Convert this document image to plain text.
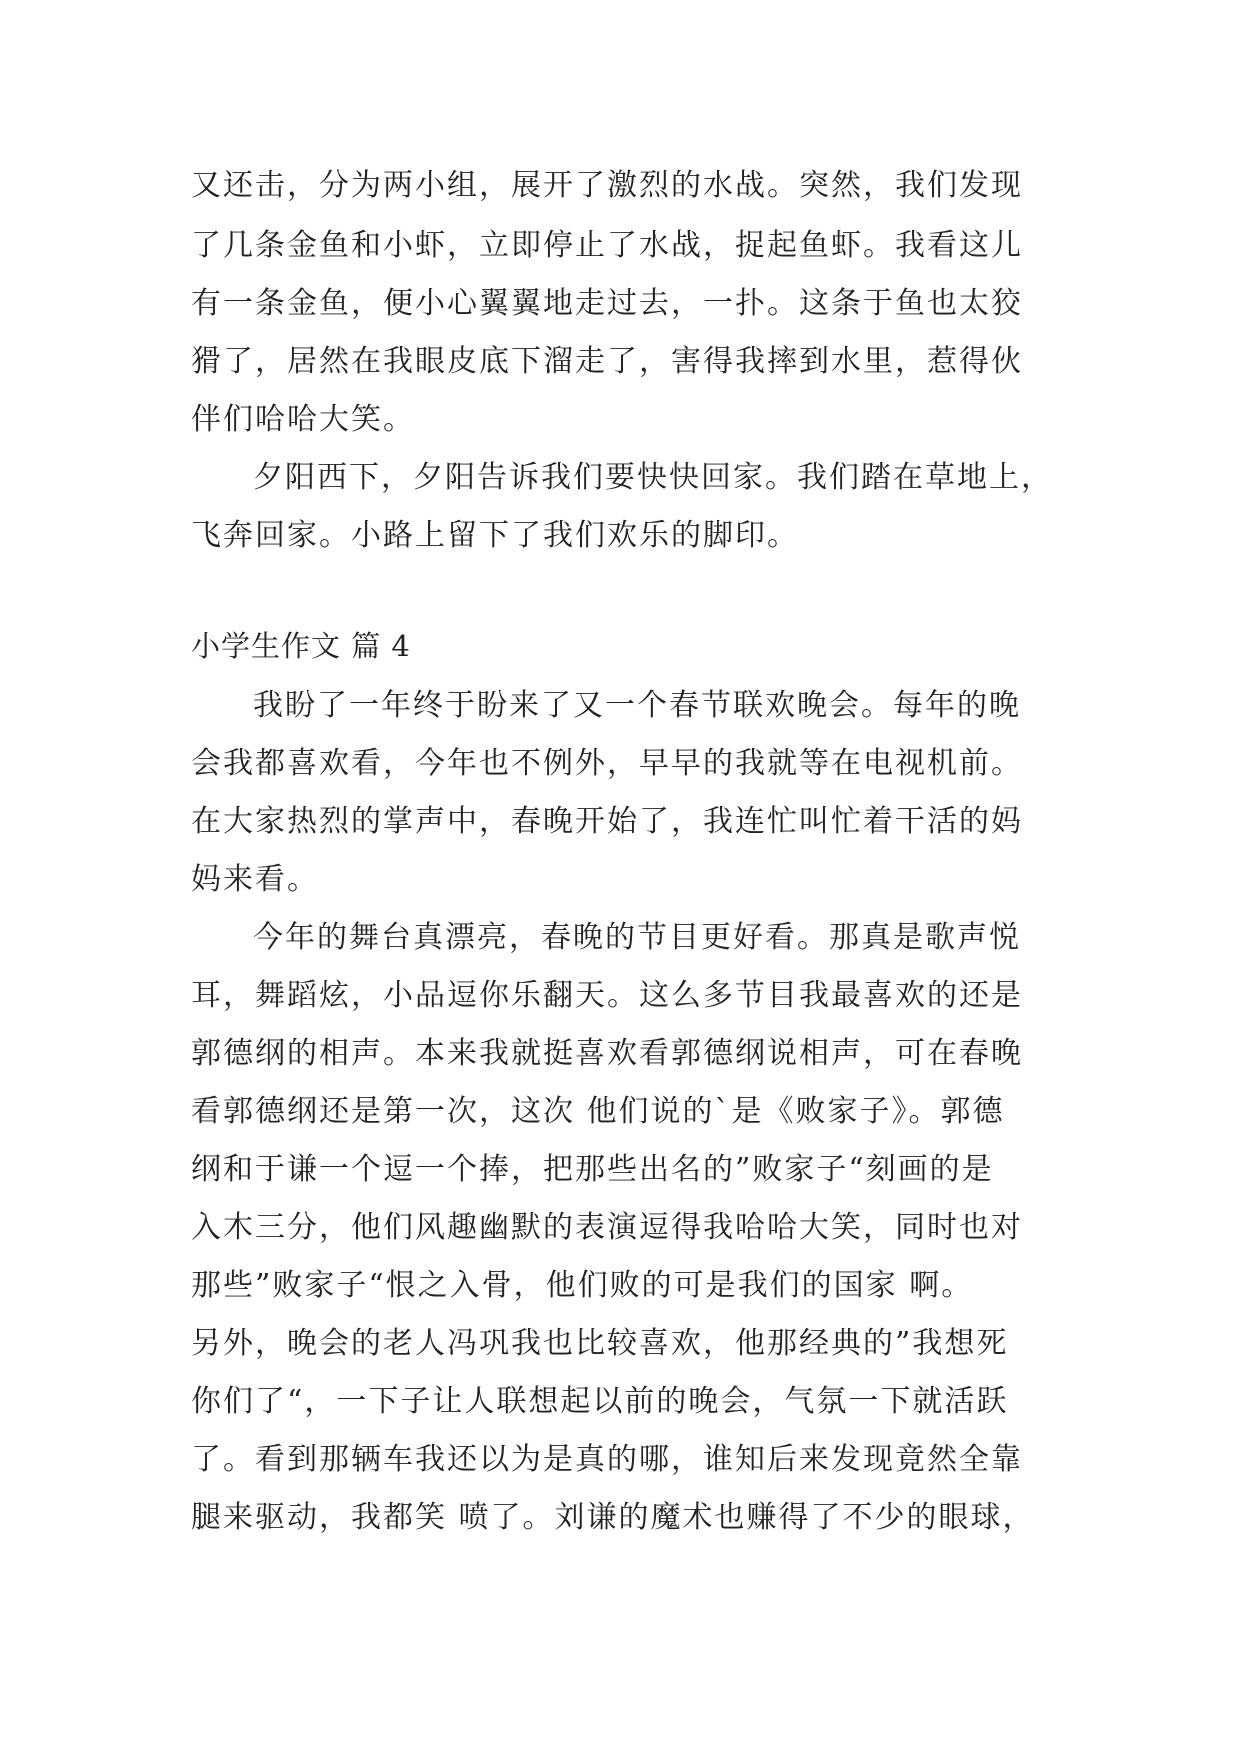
又还击，分为两小组，展开了激烈的水战。突然，我们发现
了几条金鱼和小虾，立即停止了水战，捉起鱼虾。我看这儿
有一条金鱼，便小心翼翼地走过去，一扑。这条于鱼也太狡
猾了，居然在我眼皮底下溜走了，害得我摔到水里，惹得伙
伴们哈哈大笑。
夕阳西下，夕阳告诉我们要快快回家。我们踏在草地上，
飞奔回家。小路上留下了我们欢乐的脚印。
小学生作文 篇 4
我盼了一年终于盼来了又一个春节联欢晚会。每年的晚
会我都喜欢看，今年也不例外，早早的我就等在电视机前。
在大家热烈的掌声中，春晚开始了，我连忙叫忙着干活的妈
妈来看。
今年的舞台真漂亮，春晚的节目更好看。那真是歌声悦
耳，舞蹈炫，小品逗你乐翻天。这么多节目我最喜欢的还是
郭德纲的相声。本来我就挺喜欢看郭德纲说相声，可在春晚
看郭德纲还是第一次，这次 他们说的`是《败家子》。郭德
纲和于谦一个逗一个捧，把那些出名的”败家子“刻画的是
入木三分，他们风趣幽默的表演逗得我哈哈大笑，同时也对
那些”败家子“恨之入骨，他们败的可是我们的国家 啊。
另外，晚会的老人冯巩我也比较喜欢，他那经典的”我想死
你们了“，一下子让人联想起以前的晚会，气氛一下就活跃
了。看到那辆车我还以为是真的哪，谁知后来发现竟然全靠
腿来驱动，我都笑 喷了。刘谦的魔术也赚得了不少的眼球，
